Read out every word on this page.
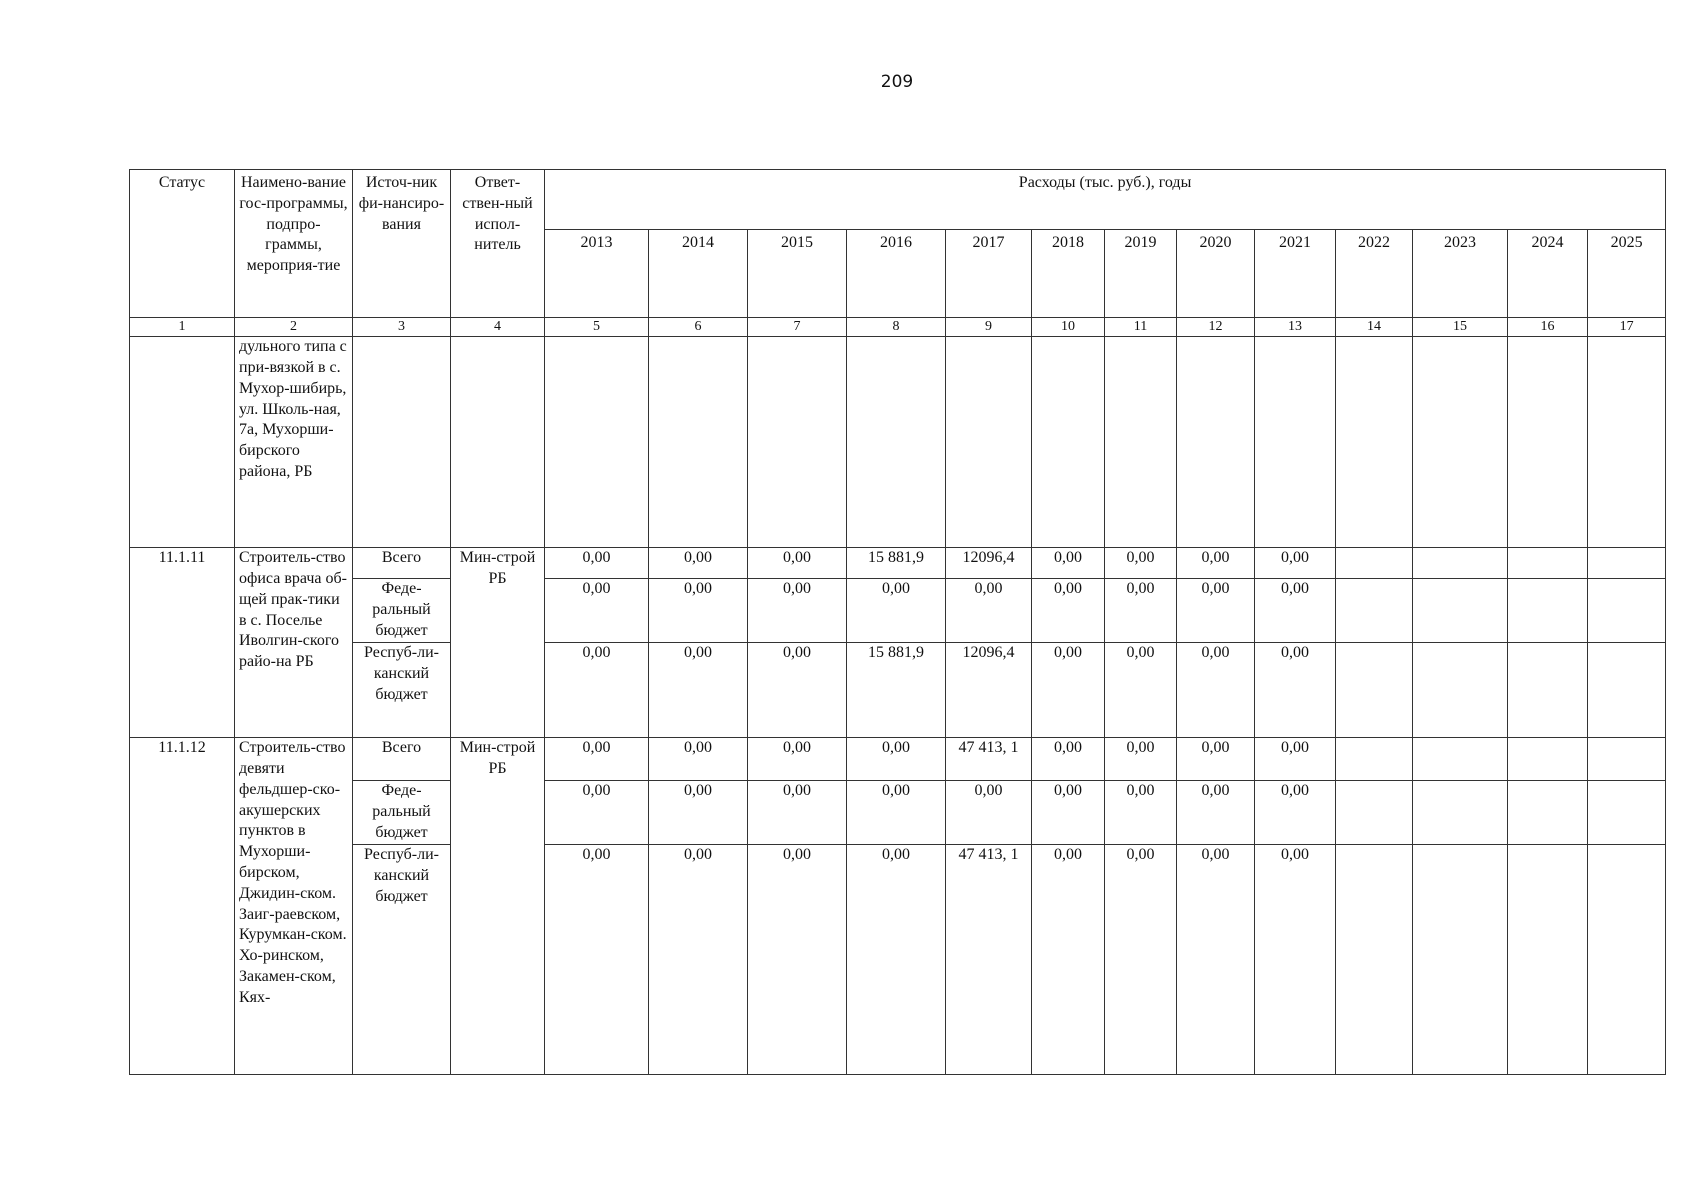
209
Статус	Наимено-вание гос-программы, подпро-граммы, мероприя-тие	Источ-ник фи-нансиро-вания	Ответ-ствен-ный испол-нитель	Расходы (тыс. руб.), годы												
				2013	2014	2015	2016	2017	2018	2019	2020	2021	2022	2023	2024	2025
1	2	3	4	5	6	7	8	9	10	11	12	13	14	15	16	17
	дульного типа с при-вязкой в с. Мухор-шибирь, ул. Школь-ная, 7а, Мухорши-бирского района, РБ															
11.1.11	Строитель-ство офиса врача об-щей прак-тики в с. Поселье Иволгин-ского райо-на РБ	Всего	Мин-строй РБ	0,00	0,00	0,00	15 881,9	12096,4	0,00	0,00	0,00	0,00				
		Феде-ральный бюджет		0,00	0,00	0,00	0,00	0,00	0,00	0,00	0,00	0,00				
		Респуб-ли-канский бюджет		0,00	0,00	0,00	15 881,9	12096,4	0,00	0,00	0,00	0,00				
11.1.12	Строитель-ство девяти фельдшер-ско-акушерских пунктов в Мухорши-бирском, Джидин-ском. Заиг-раевском, Курумкан-ском. Хо-ринском, Закамен-ском, Кях-	Всего	Мин-строй РБ	0,00	0,00	0,00	0,00	47 413, 1	0,00	0,00	0,00	0,00				
		Феде-ральный бюджет		0,00	0,00	0,00	0,00	0,00	0,00	0,00	0,00	0,00				
		Респуб-ли-канский бюджет		0,00	0,00	0,00	0,00	47 413, 1	0,00	0,00	0,00	0,00				
